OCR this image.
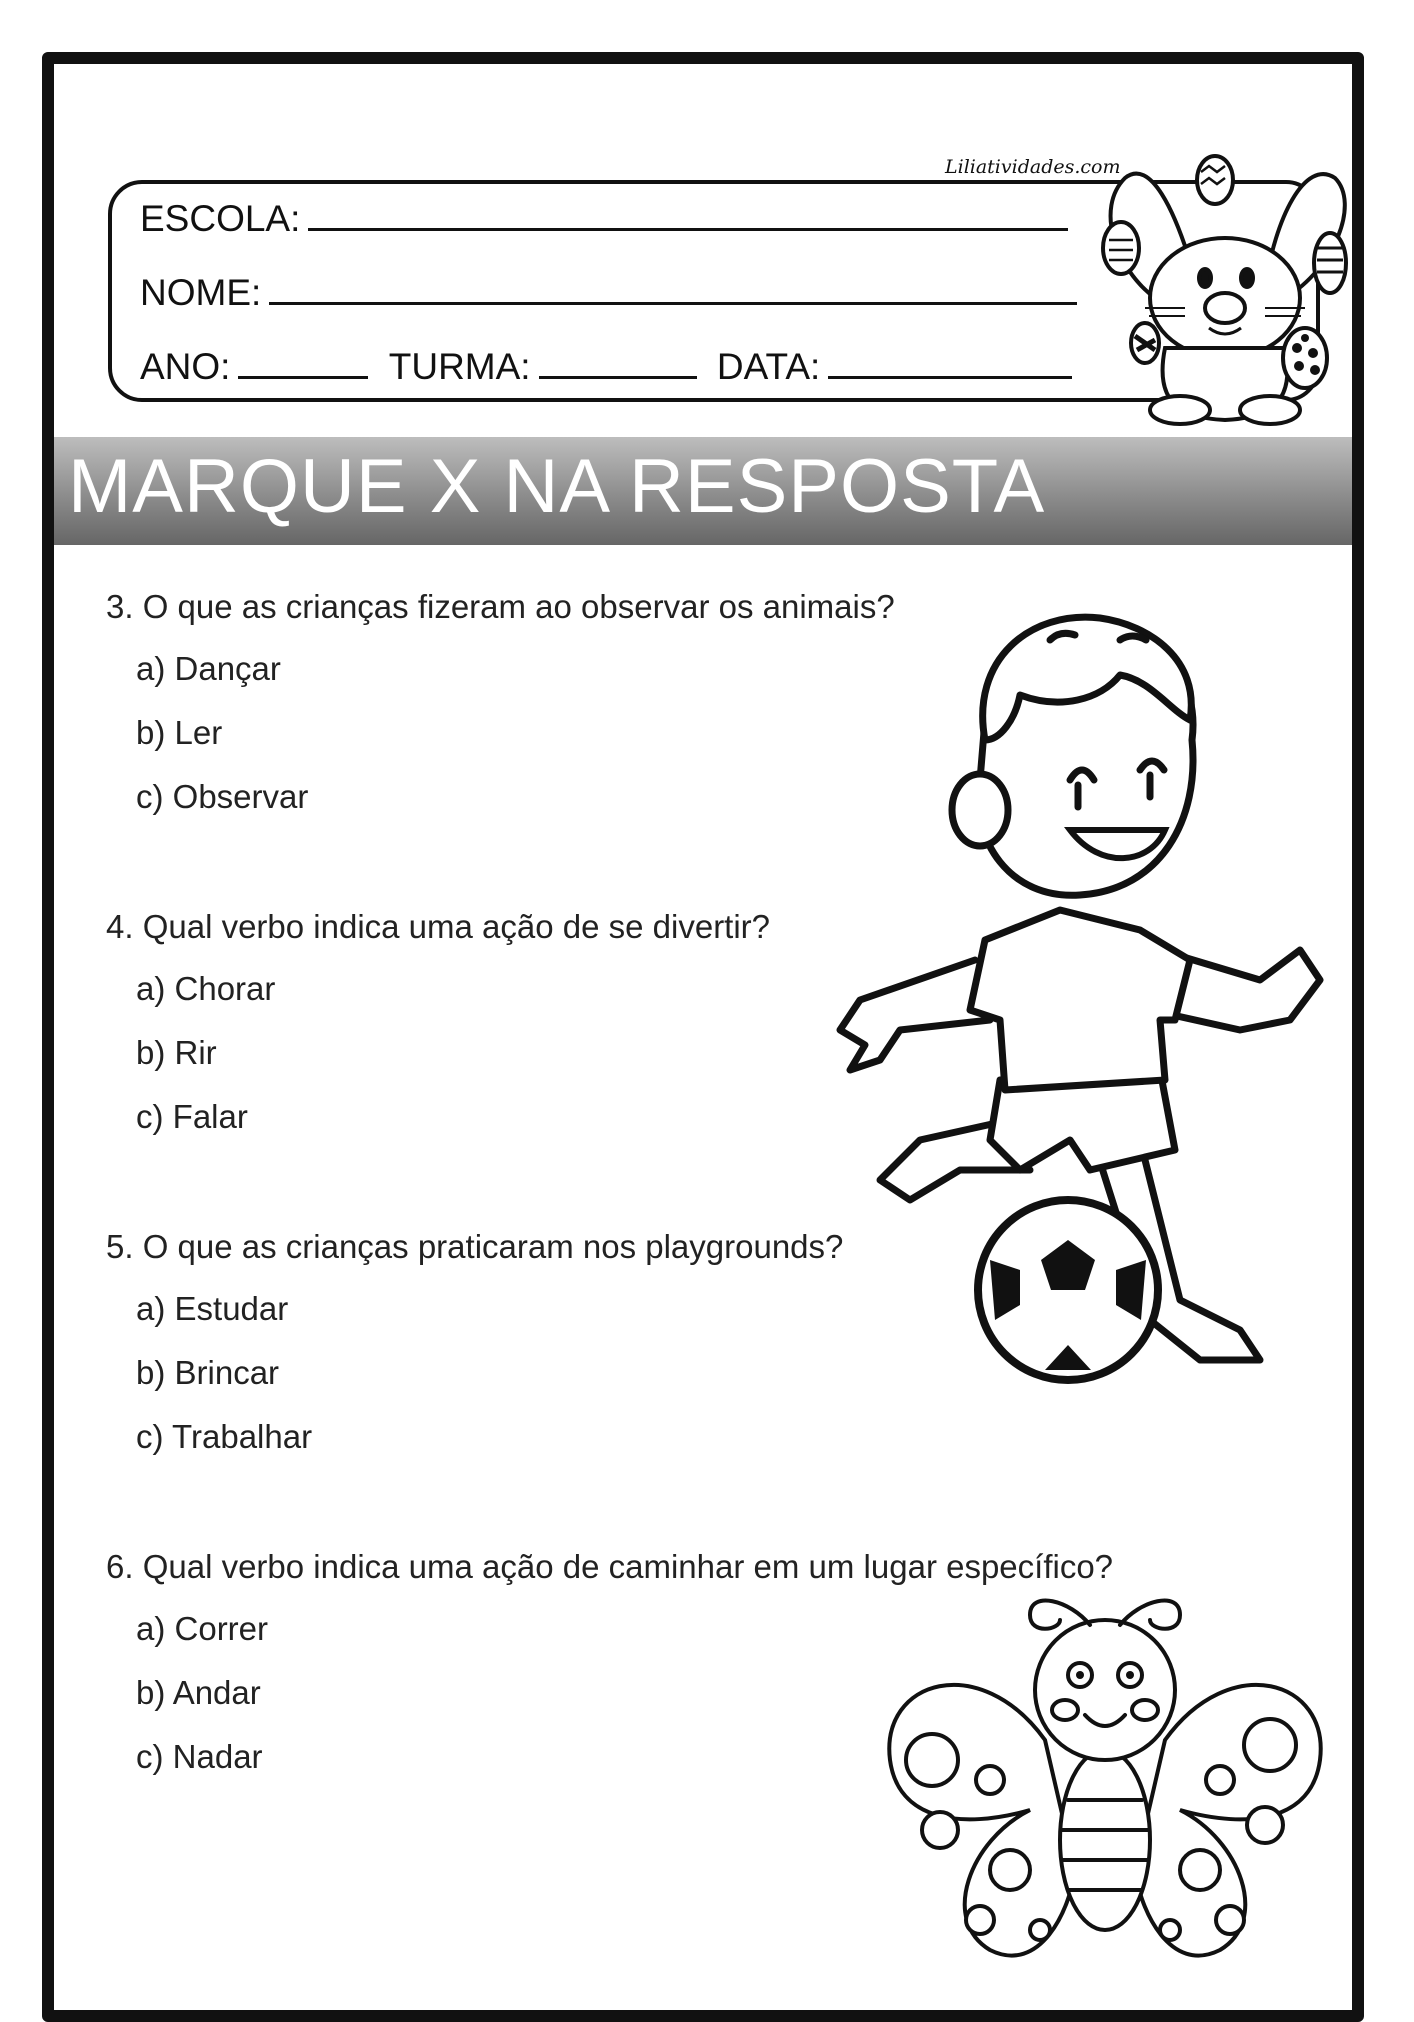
Liliatividades.com
ESCOLA:
NOME:
ANO:	TURMA:	DATA:
MARQUE X NA RESPOSTA
3. O que as crianças fizeram ao observar os animais?
a) Dançar
b) Ler
c) Observar
4. Qual verbo indica uma ação de se divertir?
a) Chorar
b) Rir
c) Falar
5. O que as crianças praticaram nos playgrounds?
a) Estudar
b) Brincar
c) Trabalhar
6. Qual verbo indica uma ação de caminhar em um lugar específico?
a) Correr
b) Andar
c) Nadar
